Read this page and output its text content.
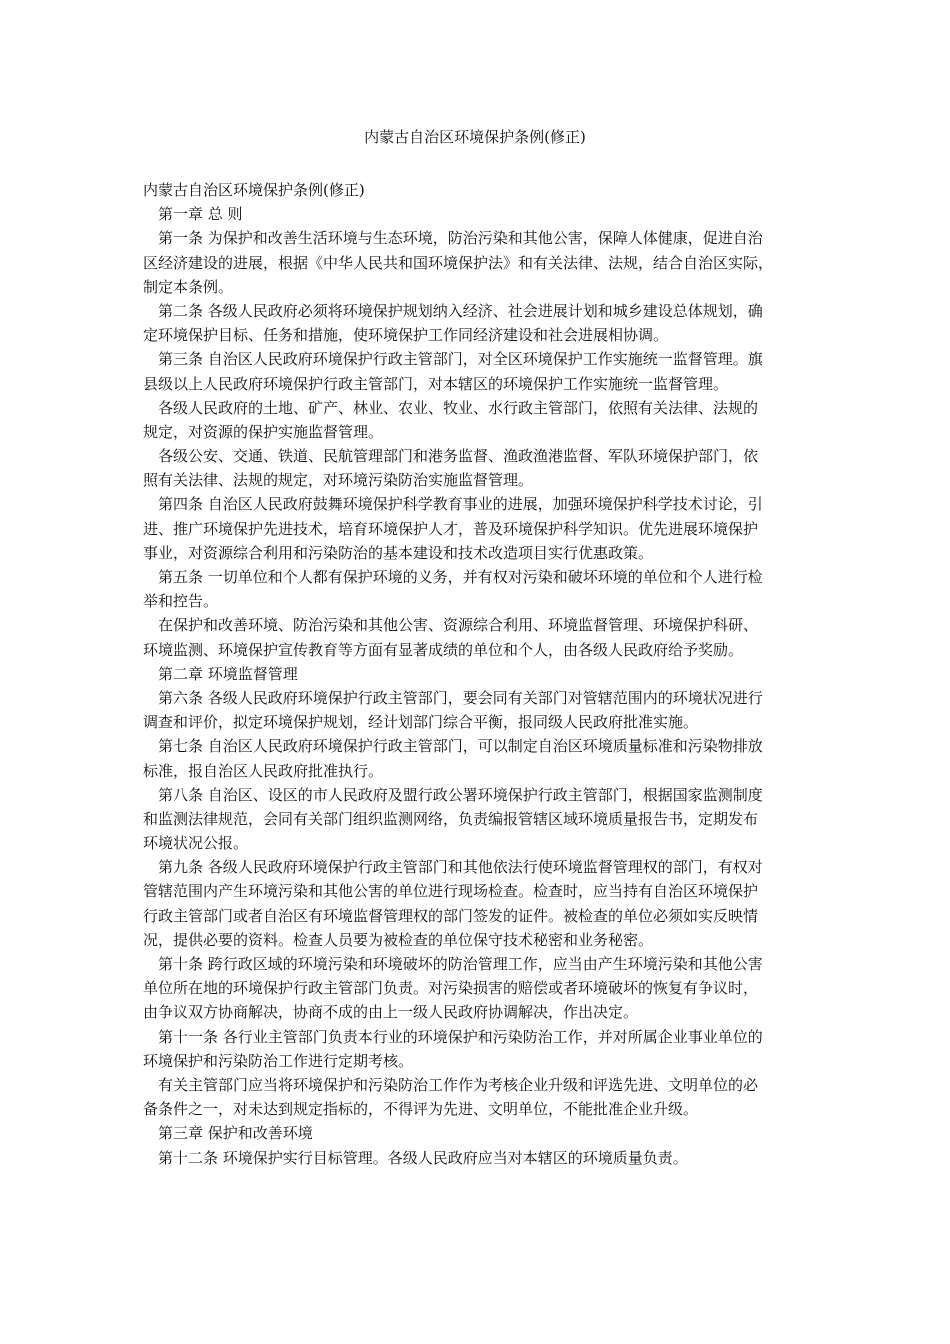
内蒙古自治区环境保护条例(修正)
内蒙古自治区环境保护条例(修正)
　第一章 总 则
　第一条 为保护和改善生活环境与生态环境，防治污染和其他公害，保障人体健康，促进自治
区经济建设的进展，根据《中华人民共和国环境保护法》和有关法律、法规，结合自治区实际，
制定本条例。
　第二条 各级人民政府必须将环境保护规划纳入经济、社会进展计划和城乡建设总体规划，确
定环境保护目标、任务和措施，使环境保护工作同经济建设和社会进展相协调。
　第三条 自治区人民政府环境保护行政主管部门，对全区环境保护工作实施统一监督管理。旗
县级以上人民政府环境保护行政主管部门，对本辖区的环境保护工作实施统一监督管理。
　各级人民政府的土地、矿产、林业、农业、牧业、水行政主管部门，依照有关法律、法规的
规定，对资源的保护实施监督管理。
　各级公安、交通、铁道、民航管理部门和港务监督、渔政渔港监督、军队环境保护部门，依
照有关法律、法规的规定，对环境污染防治实施监督管理。
　第四条 自治区人民政府鼓舞环境保护科学教育事业的进展，加强环境保护科学技术讨论，引
进、推广环境保护先进技术，培育环境保护人才，普及环境保护科学知识。优先进展环境保护
事业，对资源综合利用和污染防治的基本建设和技术改造项目实行优惠政策。
　第五条 一切单位和个人都有保护环境的义务，并有权对污染和破坏环境的单位和个人进行检
举和控告。
　在保护和改善环境、防治污染和其他公害、资源综合利用、环境监督管理、环境保护科研、
环境监测、环境保护宣传教育等方面有显著成绩的单位和个人，由各级人民政府给予奖励。
　第二章 环境监督管理
　第六条 各级人民政府环境保护行政主管部门，要会同有关部门对管辖范围内的环境状况进行
调查和评价，拟定环境保护规划，经计划部门综合平衡，报同级人民政府批准实施。
　第七条 自治区人民政府环境保护行政主管部门，可以制定自治区环境质量标准和污染物排放
标准，报自治区人民政府批准执行。
　第八条 自治区、设区的市人民政府及盟行政公署环境保护行政主管部门，根据国家监测制度
和监测法律规范，会同有关部门组织监测网络，负责编报管辖区域环境质量报告书，定期发布
环境状况公报。
　第九条 各级人民政府环境保护行政主管部门和其他依法行使环境监督管理权的部门，有权对
管辖范围内产生环境污染和其他公害的单位进行现场检查。检查时，应当持有自治区环境保护
行政主管部门或者自治区有环境监督管理权的部门签发的证件。被检查的单位必须如实反映情
况，提供必要的资料。检查人员要为被检查的单位保守技术秘密和业务秘密。
　第十条 跨行政区域的环境污染和环境破坏的防治管理工作，应当由产生环境污染和其他公害
单位所在地的环境保护行政主管部门负责。对污染损害的赔偿或者环境破坏的恢复有争议时，
由争议双方协商解决，协商不成的由上一级人民政府协调解决，作出决定。
　第十一条 各行业主管部门负责本行业的环境保护和污染防治工作，并对所属企业事业单位的
环境保护和污染防治工作进行定期考核。
　有关主管部门应当将环境保护和污染防治工作作为考核企业升级和评选先进、文明单位的必
备条件之一，对未达到规定指标的，不得评为先进、文明单位，不能批准企业升级。
　第三章 保护和改善环境
　第十二条 环境保护实行目标管理。各级人民政府应当对本辖区的环境质量负责。
